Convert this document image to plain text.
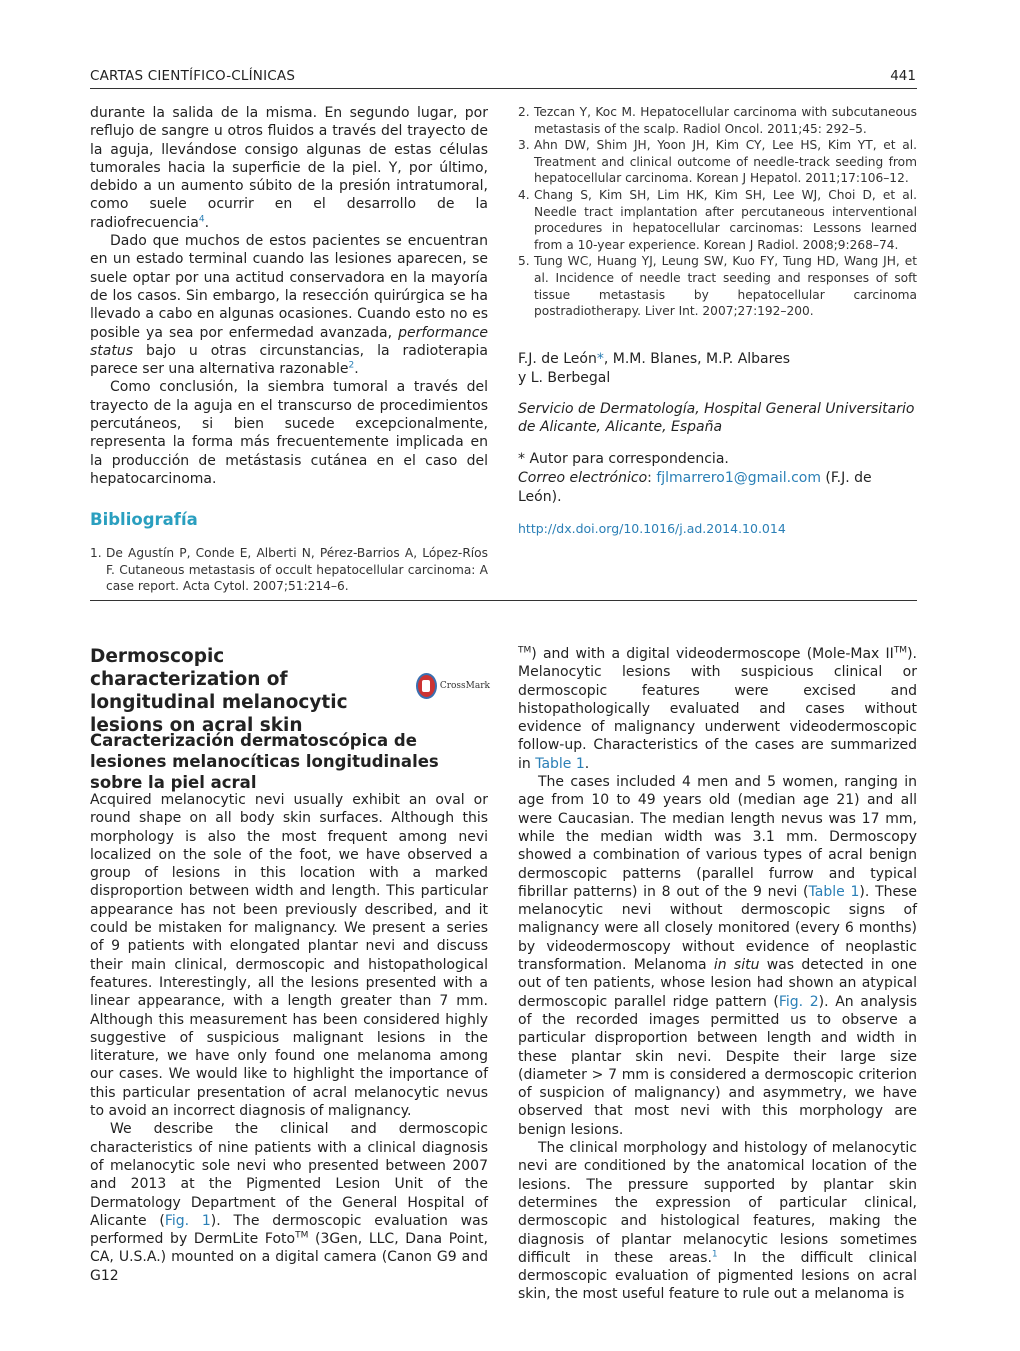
CARTAS CIENTÍFICO-CLÍNICAS	441

durante la salida de la misma. En segundo lugar, por reflujo de sangre u otros fluidos a través del trayecto de la aguja, llevándose consigo algunas de estas células tumorales hacia la superficie de la piel. Y, por último, debido a un aumento súbito de la presión intratumoral, como suele ocurrir en el desarrollo de la radiofrecuencia$^4$.

Dado que muchos de estos pacientes se encuentran en un estado terminal cuando las lesiones aparecen, se suele optar por una actitud conservadora en la mayoría de los casos. Sin embargo, la resección quirúrgica se ha llevado a cabo en algunas ocasiones. Cuando esto no es posible ya sea por enfermedad avanzada, performance status bajo u otras circunstancias, la radioterapia parece ser una alternativa razonable$^2$.

Como conclusión, la siembra tumoral a través del trayecto de la aguja en el transcurso de procedimientos percutáneos, si bien sucede excepcionalmente, representa la forma más frecuentemente implicada en la producción de metástasis cutánea en el caso del hepatocarcinoma.

Bibliografía
1. De Agustín P, Conde E, Alberti N, Pérez-Barrios A, López-Ríos F. Cutaneous metastasis of occult hepatocellular carcinoma: A case report. Acta Cytol. 2007;51:214–6.
2. Tezcan Y, Koc M. Hepatocellular carcinoma with subcutaneous metastasis of the scalp. Radiol Oncol. 2011;45: 292–5.
3. Ahn DW, Shim JH, Yoon JH, Kim CY, Lee HS, Kim YT, et al. Treatment and clinical outcome of needle-track seeding from hepatocellular carcinoma. Korean J Hepatol. 2011;17:106–12.
4. Chang S, Kim SH, Lim HK, Kim SH, Lee WJ, Choi D, et al. Needle tract implantation after percutaneous interventional procedures in hepatocellular carcinomas: Lessons learned from a 10-year experience. Korean J Radiol. 2008;9:268–74.
5. Tung WC, Huang YJ, Leung SW, Kuo FY, Tung HD, Wang JH, et al. Incidence of needle tract seeding and responses of soft tissue metastasis by hepatocellular carcinoma postradiotherapy. Liver Int. 2007;27:192–200.
F.J. de León*, M.M. Blanes, M.P. Albares
y L. Berbegal
Servicio de Dermatología, Hospital General Universitario de Alicante, Alicante, España
* Autor para correspondencia.
Correo electrónico: fjlmarrero1@gmail.com (F.J. de León).
http://dx.doi.org/10.1016/j.ad.2014.10.014
Dermoscopic characterization of longitudinal melanocytic lesions on acral skin
CrossMark
Caracterización dermatoscópica de lesiones melanocíticas longitudinales sobre la piel acral

Acquired melanocytic nevi usually exhibit an oval or round shape on all body skin surfaces. Although this morphology is also the most frequent among nevi localized on the sole of the foot, we have observed a group of lesions in this location with a marked disproportion between width and length. This particular appearance has not been previously described, and it could be mistaken for malignancy. We present a series of 9 patients with elongated plantar nevi and discuss their main clinical, dermoscopic and histopathological features. Interestingly, all the lesions presented with a linear appearance, with a length greater than 7 mm. Although this measurement has been considered highly suggestive of suspicious malignant lesions in the literature, we have only found one melanoma among our cases. We would like to highlight the importance of this particular presentation of acral melanocytic nevus to avoid an incorrect diagnosis of malignancy.

We describe the clinical and dermoscopic characteristics of nine patients with a clinical diagnosis of melanocytic sole nevi who presented between 2007 and 2013 at the Pigmented Lesion Unit of the Dermatology Department of the General Hospital of Alicante (Fig. 1). The dermoscopic evaluation was performed by DermLite Foto™ (3Gen, LLC, Dana Point, CA, U.S.A.) mounted on a digital camera (Canon G9 and G12

™) and with a digital videodermoscope (Mole-Max II™). Melanocytic lesions with suspicious clinical or dermoscopic features were excised and histopathologically evaluated and cases without evidence of malignancy underwent videodermoscopic follow-up. Characteristics of the cases are summarized in Table 1.

The cases included 4 men and 5 women, ranging in age from 10 to 49 years old (median age 21) and all were Caucasian. The median length nevus was 17 mm, while the median width was 3.1 mm. Dermoscopy showed a combination of various types of acral benign dermoscopic patterns (parallel furrow and typical fibrillar patterns) in 8 out of the 9 nevi (Table 1). These melanocytic nevi without dermoscopic signs of malignancy were all closely monitored (every 6 months) by videodermoscopy without evidence of neoplastic transformation. Melanoma in situ was detected in one out of ten patients, whose lesion had shown an atypical dermoscopic parallel ridge pattern (Fig. 2). An analysis of the recorded images permitted us to observe a particular disproportion between length and width in these plantar skin nevi. Despite their large size (diameter > 7 mm is considered a dermoscopic criterion of suspicion of malignancy) and asymmetry, we have observed that most nevi with this morphology are benign lesions.

The clinical morphology and histology of melanocytic nevi are conditioned by the anatomical location of the lesions. The pressure supported by plantar skin determines the expression of particular clinical, dermoscopic and histological features, making the diagnosis of plantar melanocytic lesions sometimes difficult in these areas.$^1$ In the difficult clinical dermoscopic evaluation of pigmented lesions on acral skin, the most useful feature to rule out a melanoma is
